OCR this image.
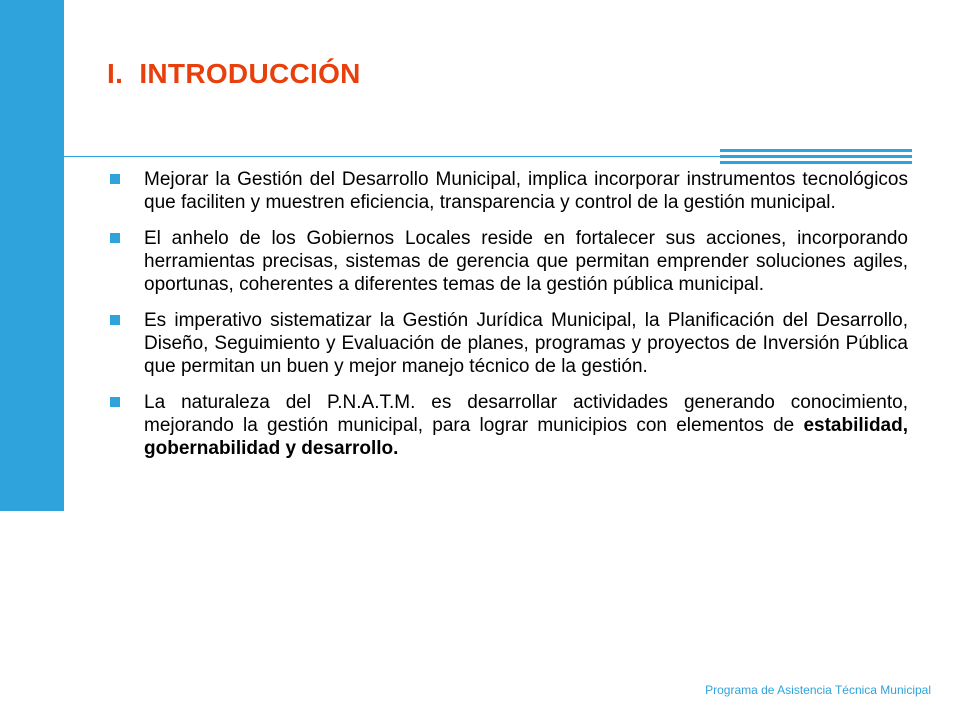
I.  INTRODUCCIÓN
Mejorar la Gestión del Desarrollo Municipal, implica incorporar instrumentos tecnológicos que faciliten y muestren eficiencia, transparencia y control de la gestión municipal.
El anhelo de los Gobiernos Locales reside en fortalecer sus acciones, incorporando herramientas precisas, sistemas de gerencia que permitan emprender soluciones agiles, oportunas, coherentes a diferentes temas de la gestión pública municipal.
Es imperativo sistematizar la Gestión Jurídica Municipal, la Planificación del Desarrollo, Diseño, Seguimiento y Evaluación de planes, programas y proyectos de Inversión Pública que permitan un buen y mejor manejo técnico de la gestión.
La naturaleza del P.N.A.T.M. es desarrollar actividades generando conocimiento, mejorando la gestión municipal, para lograr municipios con elementos de estabilidad, gobernabilidad y desarrollo.
Programa de Asistencia Técnica Municipal
